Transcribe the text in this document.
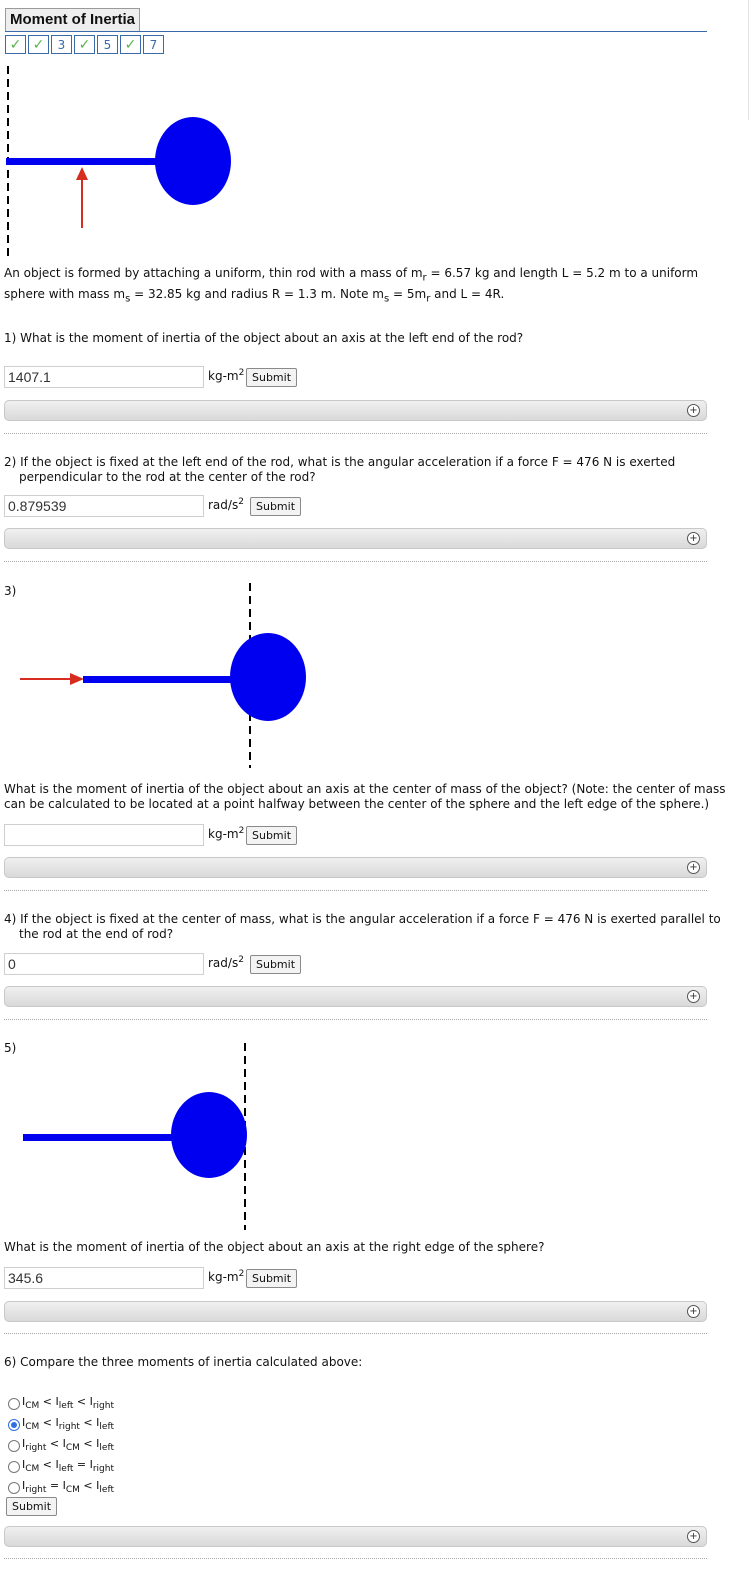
Moment of Inertia
✓ ✓	3 ✓	5 ✓	7
An object is formed by attaching a uniform, thin rod with a mass of $m_r = 6.57$ kg and length L = 5.2 m to a uniform
sphere with mass $m_s = 32.85$ kg and radius R = 1.3 m. Note $m_s = 5m_r$ and L = 4R.
1) What is the moment of inertia of the object about an axis at the left end of the rod?
1407.1
$kg-m^2$ Submit
+
2) If the object is fixed at the left end of the rod, what is the angular acceleration if a force F = 476 N is exerted
perpendicular to the rod at the center of the rod?
0.879539
rad/$s^2$	Submit
+
3)
What is the moment of inertia of the object about an axis at the center of mass of the object? (Note: the center of mass
can be calculated to be located at a point halfway between the center of the sphere and the left edge of the sphere.)
$kg-m^2$ Submit
+
4) If the object is fixed at the center of mass, what is the angular acceleration if a force F = 476 N is exerted parallel to
the rod at the end of rod?
0
rad/$s^2$	Submit
+
5)
What is the moment of inertia of the object about an axis at the right edge of the sphere?
345.6
$kg-m^2$ Submit
+
6) Compare the three moments of inertia calculated above:
$I_{CM} < I_{left} < I_{right}$
$I_{CM} < I_{right} < I_{left}$
$I_{right} < I_{CM} < I_{left}$
$I_{CM} < I_{left} = I_{right}$
$I_{right} = I_{CM} < I_{left}$
Submit
+
